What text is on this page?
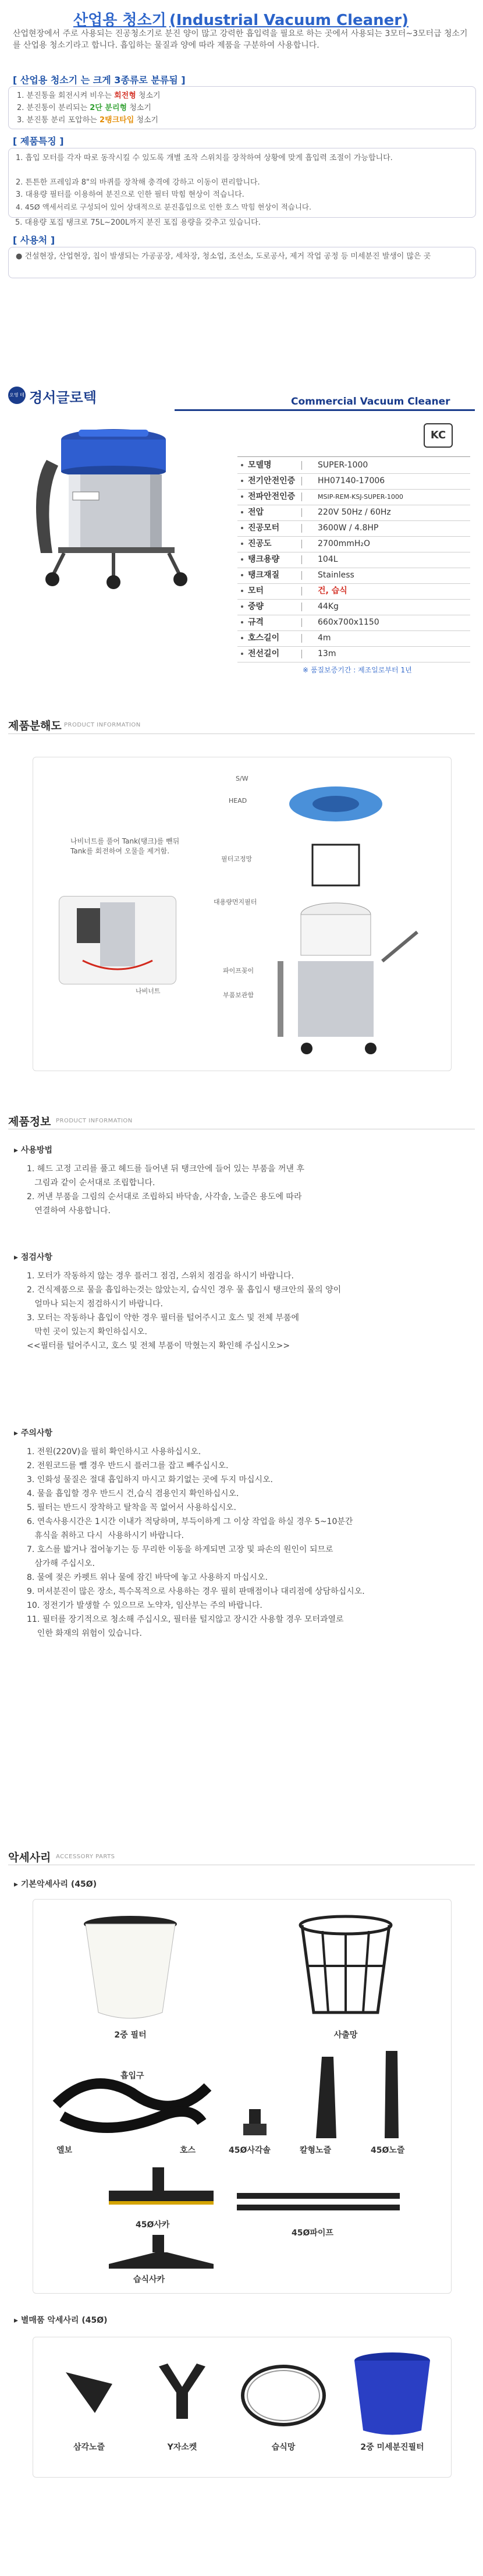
산업용 청소기 (Industrial Vacuum Cleaner)
산업현장에서 주로 사용되는 진공청소기로 분진 양이 많고 강력한 흡입력을 필요로 하는 곳에서 사용되는 3모터~3모터급 청소기를 산업용 청소기라고 합니다. 흡입하는 물질과 양에 따라 제품을 구분하여 사용합니다.
[ 산업용 청소기 는 크게 3종류로 분류됨 ]
1. 분진통을 회전시켜 비우는 회전형 청소기
2. 분진통이 분리되는 2단 분리형 청소기
3. 분진통 분리 포압하는 2탱크타입 청소기
[ 제품특징 ]
1. 흡입 모터를 각자 따로 동작시킬 수 있도록 개별 조작 스위치를 장착하여 상황에 맞게 흡입력 조절이 가능합니다.
2. 튼튼한 프레임과 8"의 바퀴를 장착해 충격에 강하고 이동이 편리합니다.
3. 대용량 필터를 이용하여 분진으로 인한 필터 막힘 현상이 적습니다.
4. 45Ø 액세서리로 구성되어 있어 상대적으로 분진흡입으로 인한 호스 막힘 현상이 적습니다.
5. 대용량 포집 탱크로 75L~200L까지 분진 포집 용량을 갖추고 있습니다.
[ 사용처 ]
● 건설현장, 산업현장, 칩이 발생되는 가공공장, 세차장, 청소업, 조선소, 도로공사, 제거 작업 공정 등 미세분진 발생이 많은 곳
오영 테크
경서글로텍	Commercial Vacuum Cleaner
KC
모델명	SUPER-1000
전기안전인증	HH07140-17006
전파안전인증	MSIP-REM-KSJ-SUPER-1000
전압	220V 50Hz / 60Hz
진공모터	3600W / 4.8HP
진공도	2700mmH₂O
탱크용량	104L
탱크재질	Stainless
모터	건, 습식
중량	44Kg
규격	660x700x1150
호스길이	4m
전선길이	13m
※ 품질보증기간 : 제조일로부터 1년
제품분해도 PRODUCT INFORMATION
나비너트를 풀어 Tank(탱크)를 뺀뒤 Tank를 회전하여 오물을 제거함.
나비너트
S/W
HEAD
필터고정망
대용량먼지필터
파이프꽂이
부품보관함
제품정보 PRODUCT INFORMATION
▸ 사용방법
1. 헤드 고정 고리를 풀고 헤드를 들어낸 뒤 탱크안에 들어 있는 부품을 꺼낸 후
그림과 같이 순서대로 조립합니다.
2. 꺼낸 부품을 그림의 순서대로 조립하되 바닥솔, 사각솔, 노즐은 용도에 따라
연결하여 사용합니다.
▸ 점검사항
1. 모터가 작동하지 않는 경우 플러그 점검, 스위치 점검을 하시기 바랍니다.
2. 건식제품으로 물을 흡입하는것는 않았는지, 습식인 경우 물 흡입시 탱크안의 물의 양이
얼마나 되는지 점검하시기 바랍니다.
3. 모터는 작동하나 흡입이 약한 경우 필터를 털어주시고 호스 및 전체 부품에
막힌 곳이 있는지 확인하십시오.
<<필터를 털어주시고, 호스 및 전체 부품이 막혔는지 확인해 주십시오>>
▸ 주의사항
1. 전원(220V)을 필히 확인하시고 사용하십시오.
2. 전원코드를 뺄 경우 반드시 플러그를 잡고 빼주십시오.
3. 인화성 물질은 절대 흡입하지 마시고 화기없는 곳에 두지 마십시오.
4. 물을 흡입할 경우 반드시 건,습식 겸용인지 확인하십시오.
5. 필터는 반드시 장착하고 탈착을 꼭 없어서 사용하십시오.
6. 연속사용시간은 1시간 이내가 적당하며, 부득이하게 그 이상 작업을 하실 경우 5~10분간
휴식을 취하고 다시  사용하시기 바랍니다.
7. 호스를 밟거나 접어놓기는 등 무리한 이동을 하게되면 고장 및 파손의 원인이 되므로
삼가해 주십시오.
8. 물에 젖은 카펫트 위나 물에 잠긴 바닥에 놓고 사용하지 마십시오.
9. 머셔분진이 많은 장소, 특수목적으로 사용하는 경우 필히 판매점이나 대리점에 상담하십시오.
10. 정전기가 발생할 수 있으므로 노약자, 임산부는 주의 바랍니다.
11. 필터를 장기적으로 청소해 주십시오, 필터를 털지않고 장시간 사용할 경우 모터과열로
인한 화재의 위험이 있습니다.
악세사리 ACCESSORY PARTS
▸ 기본악세사리 (45Ø)
2중 필터	사출망
흡입구
엘보	호스	45Ø사각솔	칼형노즐	45Ø노즐
45Ø사카
45Ø파이프
습식사카
▸ 별매품 악세사리 (45Ø)
삼각노즐	Y자소켓	습식망	2중 미세분진필터
